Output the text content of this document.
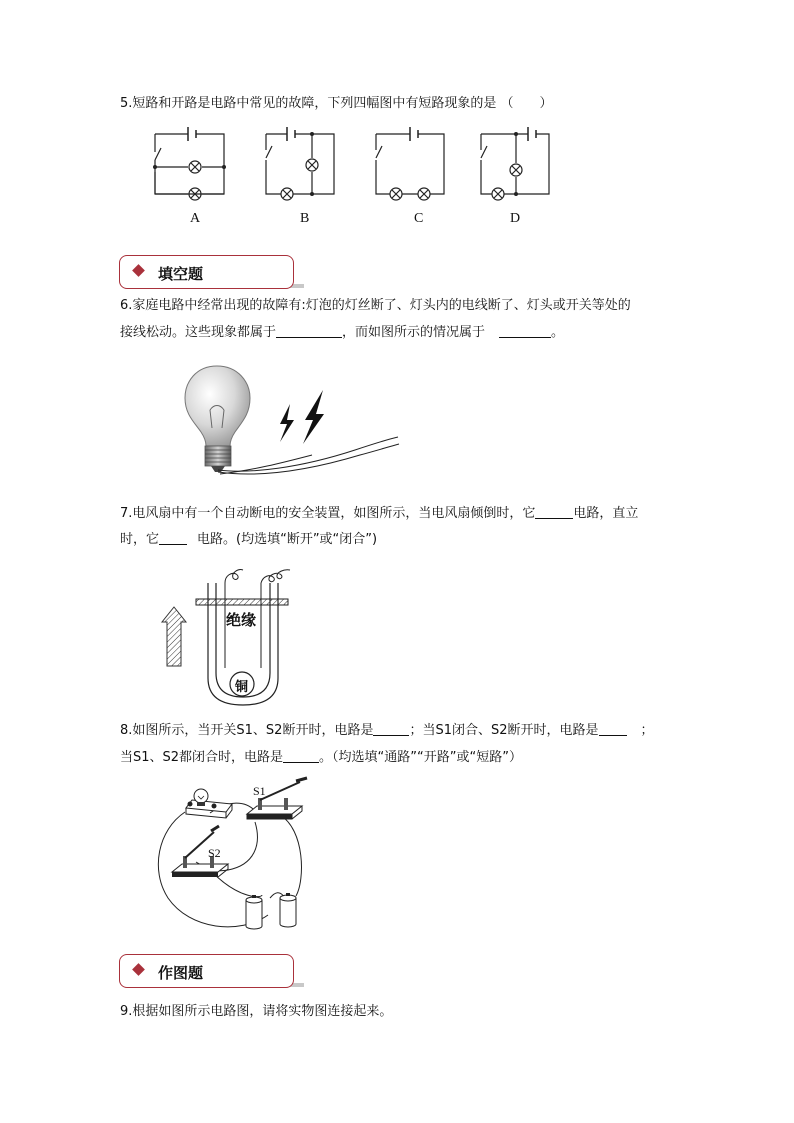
5.短路和开路是电路中常见的故障，下列四幅图中有短路现象的是 （　　）
A	B	C	D
填空题
6.家庭电路中经常出现的故障有:灯泡的灯丝断了、灯头内的电线断了、灯头或开关等处的
接线松动。这些现象都属于	，而如图所示的情况属于	。
7.电风扇中有一个自动断电的安全装置，如图所示，当电风扇倾倒时，它	电路，直立
时，它	电路。(均选填“断开”或“闭合”)
绝缘
铜
8.如图所示，当开关S1、S2断开时，电路是	；当S1闭合、S2断开时，电路是	；
当S1、S2都闭合时，电路是	。（均选填“通路”“开路”或“短路”）
S1
S2
作图题
9.根据如图所示电路图，请将实物图连接起来。
